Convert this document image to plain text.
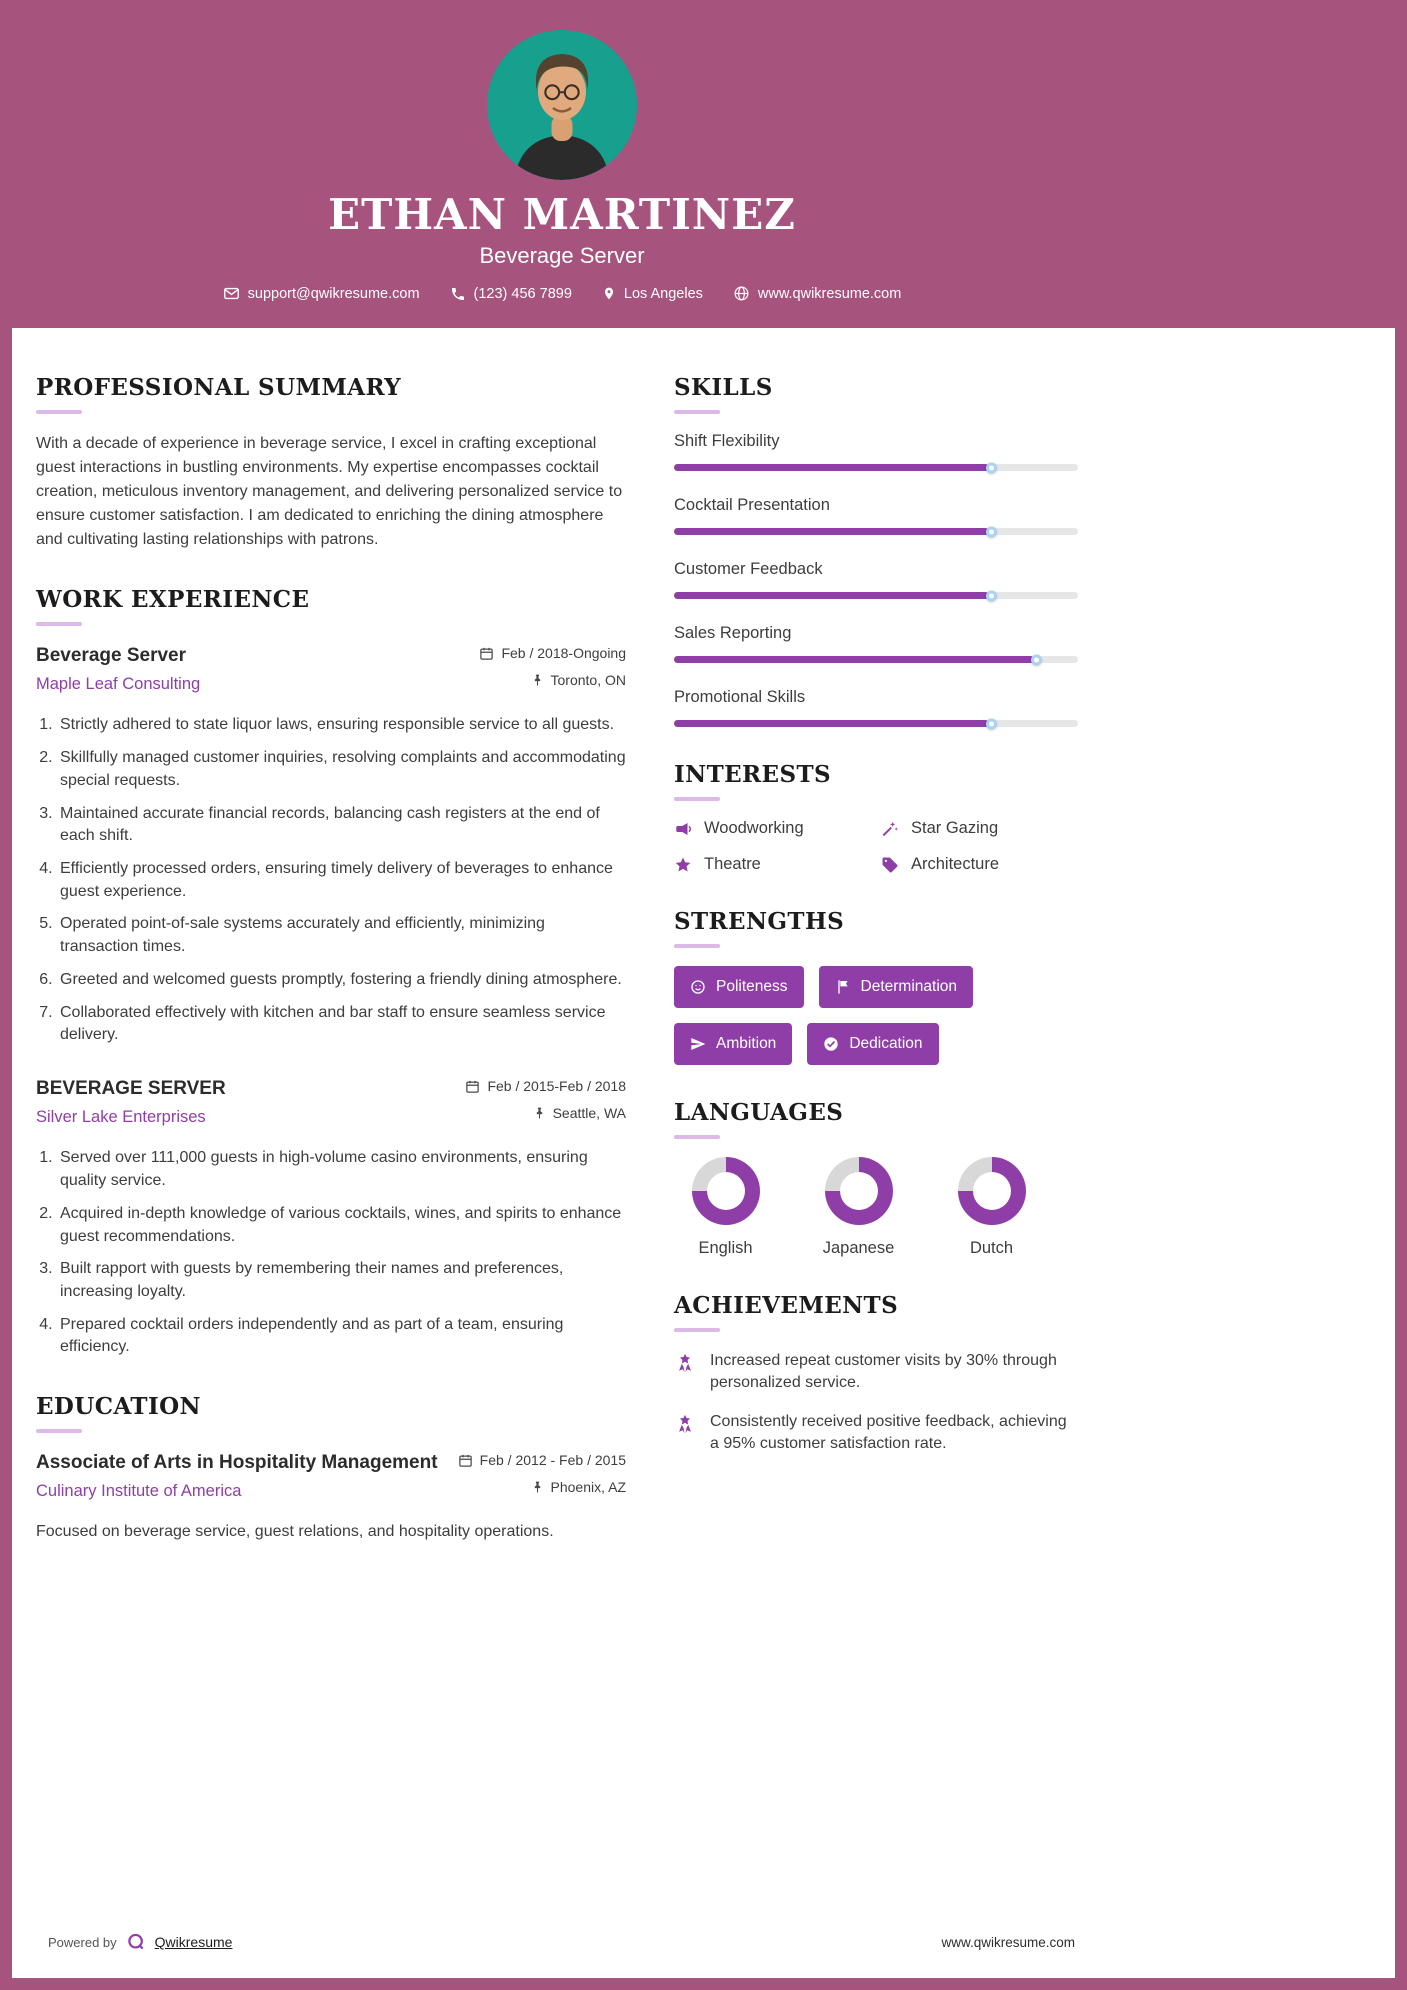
ETHAN MARTINEZ
Beverage Server
support@qwikresume.com	(123) 456 7899	Los Angeles	www.qwikresume.com
PROFESSIONAL SUMMARY

With a decade of experience in beverage service, I excel in crafting exceptional guest interactions in bustling environments. My expertise encompasses cocktail creation, meticulous inventory management, and delivering personalized service to ensure customer satisfaction. I am dedicated to enriching the dining atmosphere and cultivating lasting relationships with patrons.

WORK EXPERIENCE
Beverage Server
Maple Leaf Consulting
Feb / 2018-Ongoing
Toronto, ON
1. Strictly adhered to state liquor laws, ensuring responsible service to all guests.
2. Skillfully managed customer inquiries, resolving complaints and accommodating special requests.
3. Maintained accurate financial records, balancing cash registers at the end of each shift.
4. Efficiently processed orders, ensuring timely delivery of beverages to enhance guest experience.
5. Operated point-of-sale systems accurately and efficiently, minimizing transaction times.
6. Greeted and welcomed guests promptly, fostering a friendly dining atmosphere.
7. Collaborated effectively with kitchen and bar staff to ensure seamless service delivery.
BEVERAGE SERVER
Silver Lake Enterprises
Feb / 2015-Feb / 2018
Seattle, WA
1. Served over 111,000 guests in high-volume casino environments, ensuring quality service.
2. Acquired in-depth knowledge of various cocktails, wines, and spirits to enhance guest recommendations.
3. Built rapport with guests by remembering their names and preferences, increasing loyalty.
4. Prepared cocktail orders independently and as part of a team, ensuring efficiency.
EDUCATION
Associate of Arts in Hospitality Management
Culinary Institute of America
Feb / 2012 - Feb / 2015
Phoenix, AZ

Focused on beverage service, guest relations, and hospitality operations.

SKILLS
Shift Flexibility
Cocktail Presentation
Customer Feedback
Sales Reporting
Promotional Skills
INTERESTS
Woodworking	Star Gazing
Theatre	Architecture
STRENGTHS
Politeness	Determination
Ambition	Dedication
LANGUAGES
English	Japanese	Dutch
ACHIEVEMENTS
Increased repeat customer visits by 30% through personalized service.
Consistently received positive feedback, achieving a 95% customer satisfaction rate.
Powered by	Qwikresume	www.qwikresume.com
